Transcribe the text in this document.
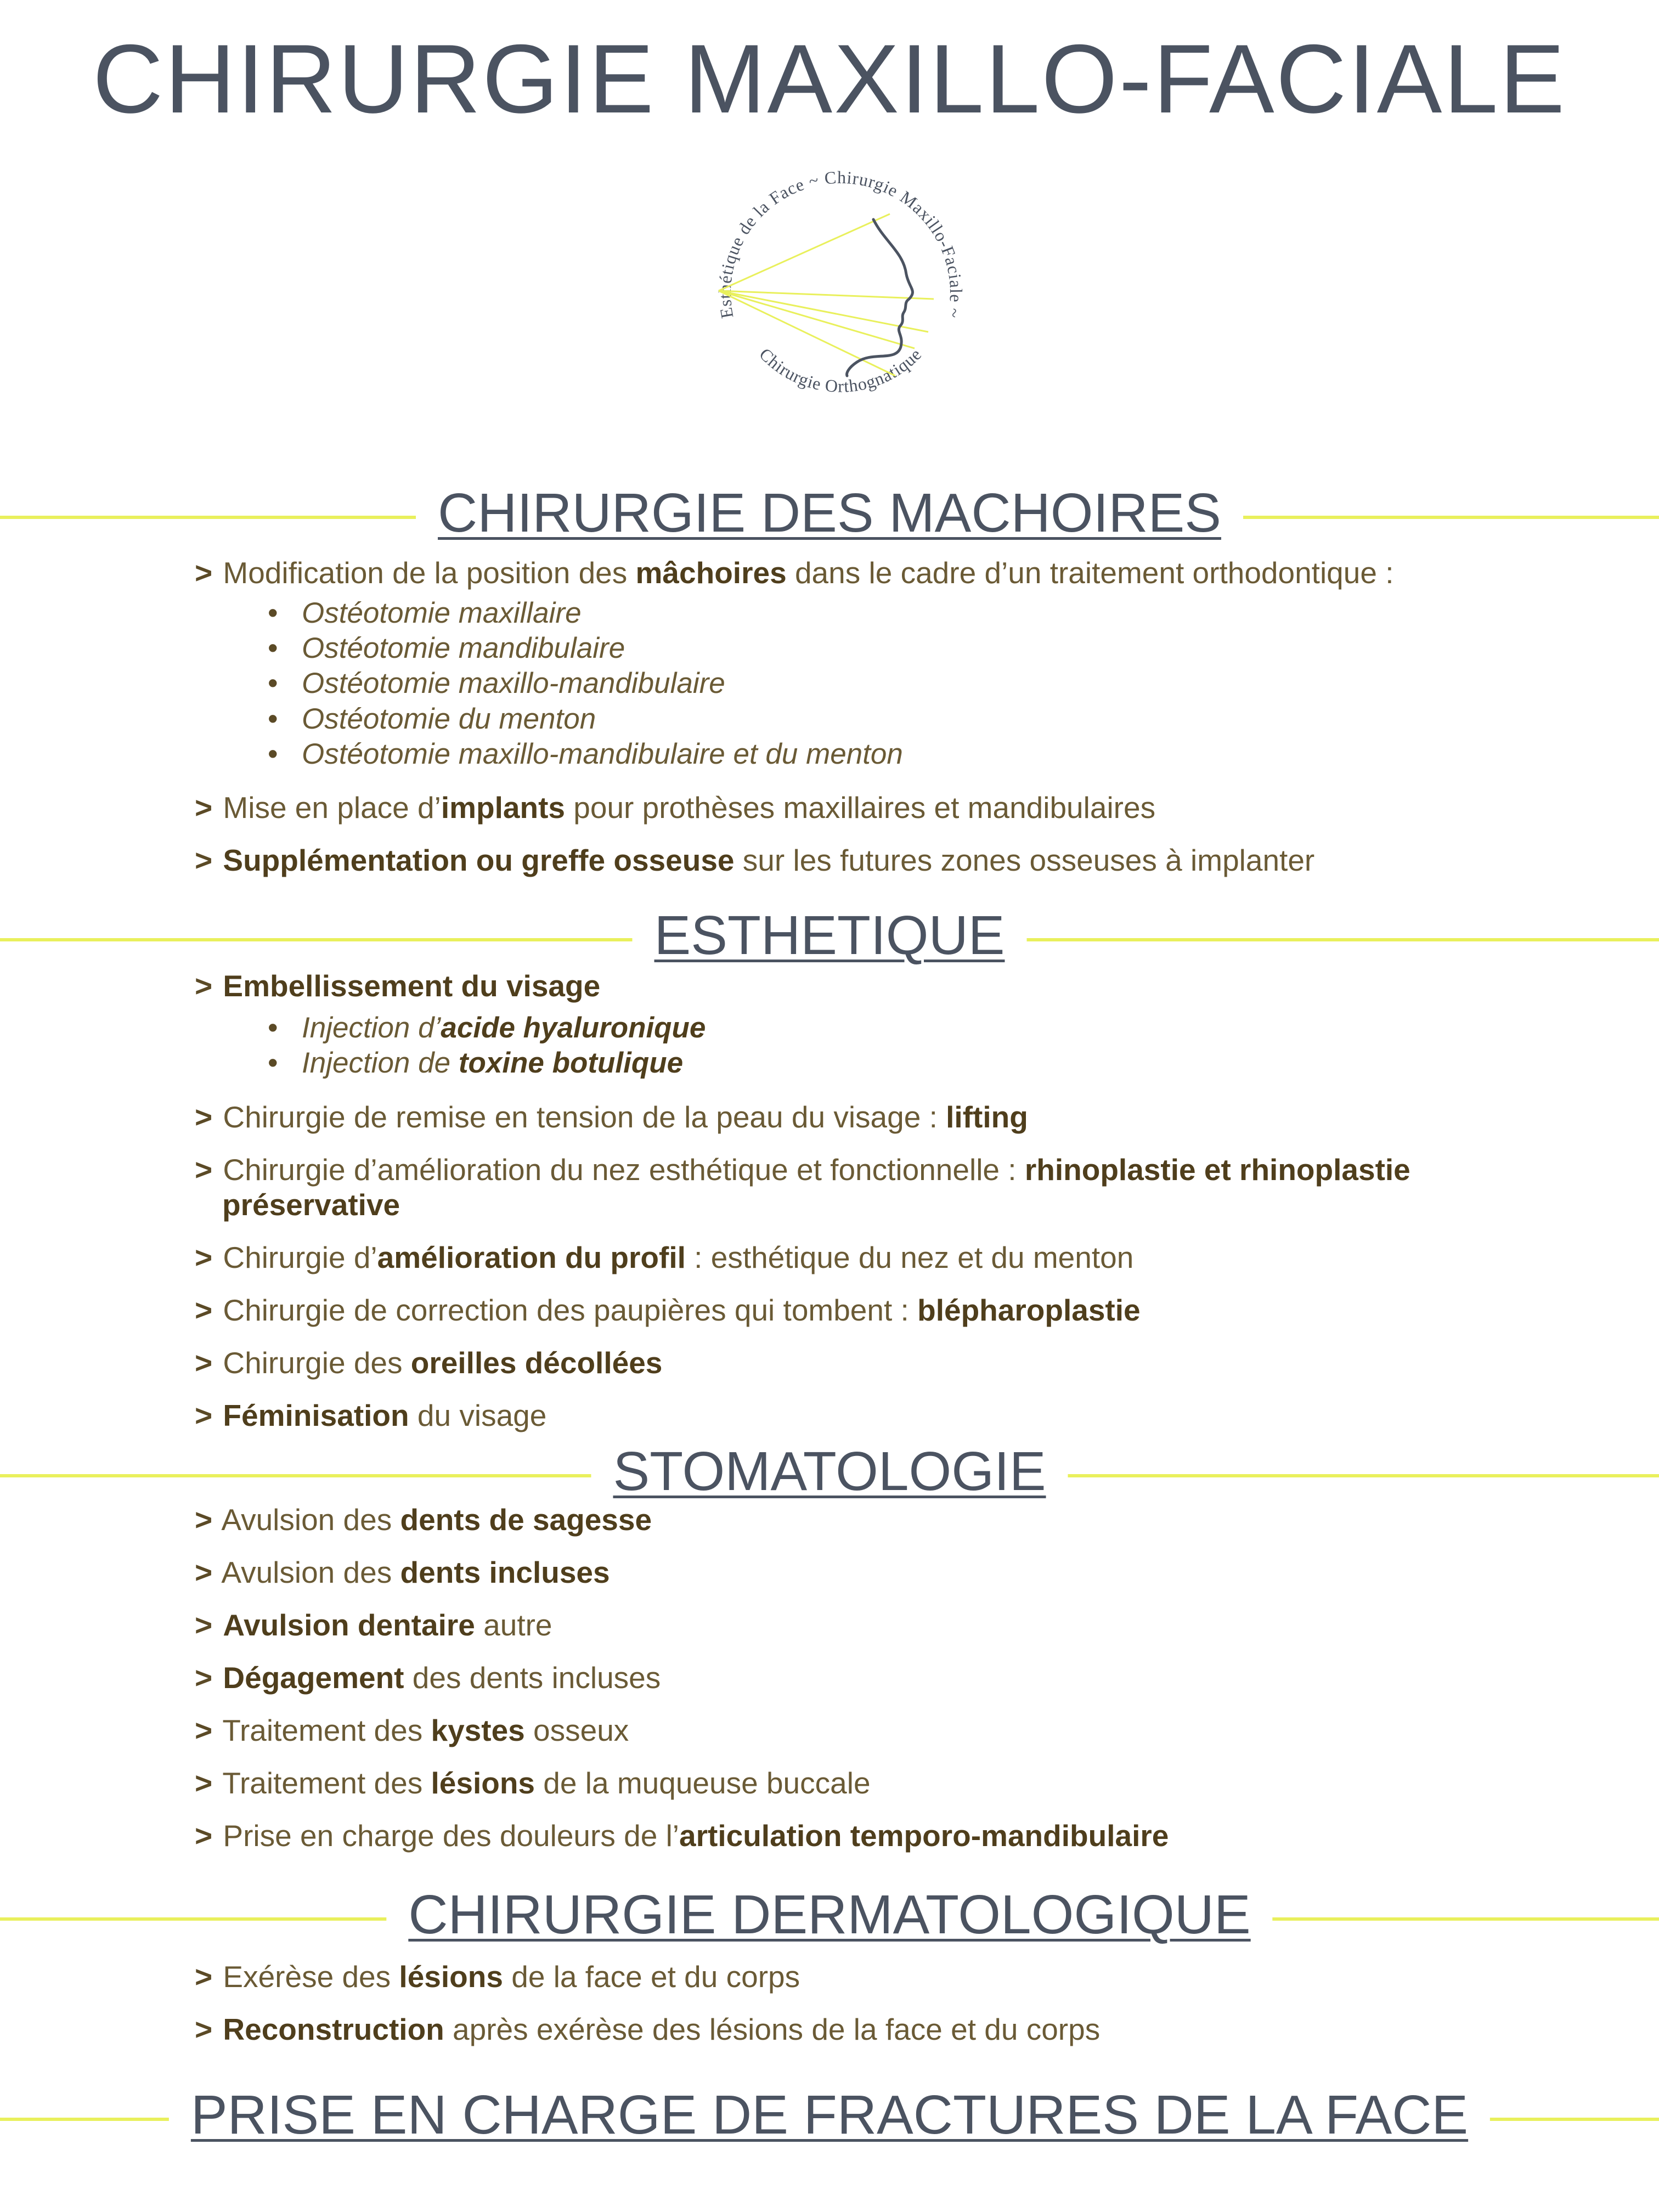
CHIRURGIE MAXILLO-FACIALE
Esthétique de la Face ~ Chirurgie Maxillo-Faciale ~
Chirurgie Orthognatique
CHIRURGIE DES MACHOIRES
> Modification de la position des mâchoires dans le cadre d’un traitement orthodontique :
• Ostéotomie maxillaire
• Ostéotomie mandibulaire
• Ostéotomie maxillo-mandibulaire
• Ostéotomie du menton
• Ostéotomie maxillo-mandibulaire et du menton
> Mise en place d’implants pour prothèses maxillaires et mandibulaires
> Supplémentation ou greffe osseuse sur les futures zones osseuses à implanter
ESTHETIQUE
> Embellissement du visage
• Injection d’acide hyaluronique
• Injection de toxine botulique
> Chirurgie de remise en tension de la peau du visage : lifting
> Chirurgie d’amélioration du nez esthétique et fonctionnelle : rhinoplastie et rhinoplastie préservative
> Chirurgie d’amélioration du profil : esthétique du nez et du menton
> Chirurgie de correction des paupières qui tombent : blépharoplastie
> Chirurgie des oreilles décollées
> Féminisation du visage
STOMATOLOGIE
> Avulsion des dents de sagesse
> Avulsion des dents incluses
> Avulsion dentaire autre
> Dégagement des dents incluses
> Traitement des kystes osseux
> Traitement des lésions de la muqueuse buccale
> Prise en charge des douleurs de l’articulation temporo-mandibulaire
CHIRURGIE DERMATOLOGIQUE
> Exérèse des lésions de la face et du corps
> Reconstruction après exérèse des lésions de la face et du corps
PRISE EN CHARGE DE FRACTURES DE LA FACE
